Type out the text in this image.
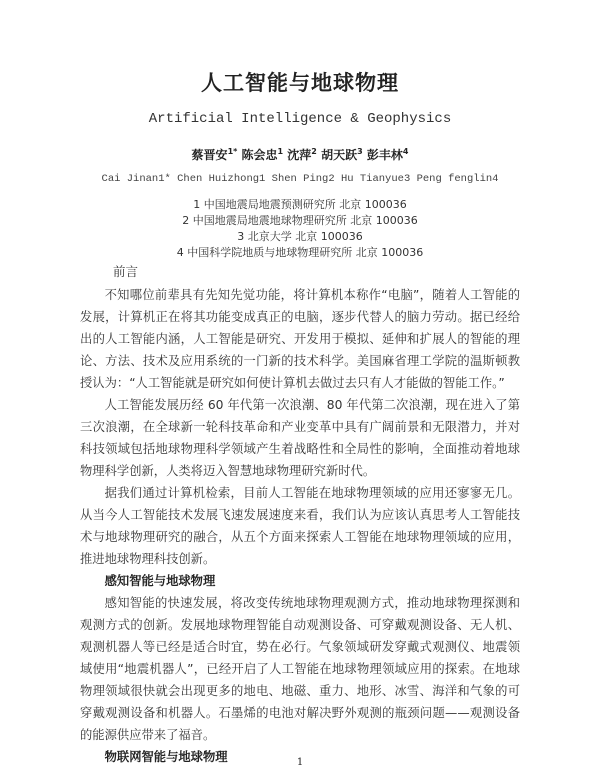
人工智能与地球物理
Artificial Intelligence & Geophysics
蔡晋安$^{1*}$ 陈会忠$^1$ 沈萍$^2$ 胡天跃$^3$ 彭丰林$^4$
Cai Jinan1* Chen Huizhong1 Shen Ping2 Hu Tianyue3 Peng fenglin4
1 中国地震局地震预测研究所 北京 100036
2 中国地震局地震地球物理研究所 北京 100036
3 北京大学 北京 100036
4 中国科学院地质与地球物理研究所 北京 100036
前言

不知哪位前辈具有先知先觉功能，将计算机本称作“电脑”，随着人工智能的发展，计算机正在将其功能变成真正的电脑，逐步代替人的脑力劳动。据已经给出的人工智能内涵，人工智能是研究、开发用于模拟、延伸和扩展人的智能的理论、方法、技术及应用系统的一门新的技术科学。美国麻省理工学院的温斯顿教授认为：“人工智能就是研究如何使计算机去做过去只有人才能做的智能工作。”

人工智能发展历经 60 年代第一次浪潮、80 年代第二次浪潮，现在进入了第三次浪潮，在全球新一轮科技革命和产业变革中具有广阔前景和无限潜力，并对科技领域包括地球物理科学领域产生着战略性和全局性的影响，全面推动着地球物理科学创新，人类将迈入智慧地球物理研究新时代。

据我们通过计算机检索，目前人工智能在地球物理领域的应用还寥寥无几。从当今人工智能技术发展飞速发展速度来看，我们认为应该认真思考人工智能技术与地球物理研究的融合，从五个方面来探索人工智能在地球物理领域的应用，推进地球物理科技创新。

感知智能与地球物理

感知智能的快速发展，将改变传统地球物理观测方式，推动地球物理探测和观测方式的创新。发展地球物理智能自动观测设备、可穿戴观测设备、无人机、观测机器人等已经是适合时宜，势在必行。气象领域研发穿戴式观测仪、地震领域使用“地震机器人”，已经开启了人工智能在地球物理领域应用的探索。在地球物理领域很快就会出现更多的地电、地磁、重力、地形、冰雪、海洋和气象的可穿戴观测设备和机器人。石墨烯的电池对解决野外观测的瓶颈问题——观测设备的能源供应带来了福音。

物联网智能与地球物理	1
